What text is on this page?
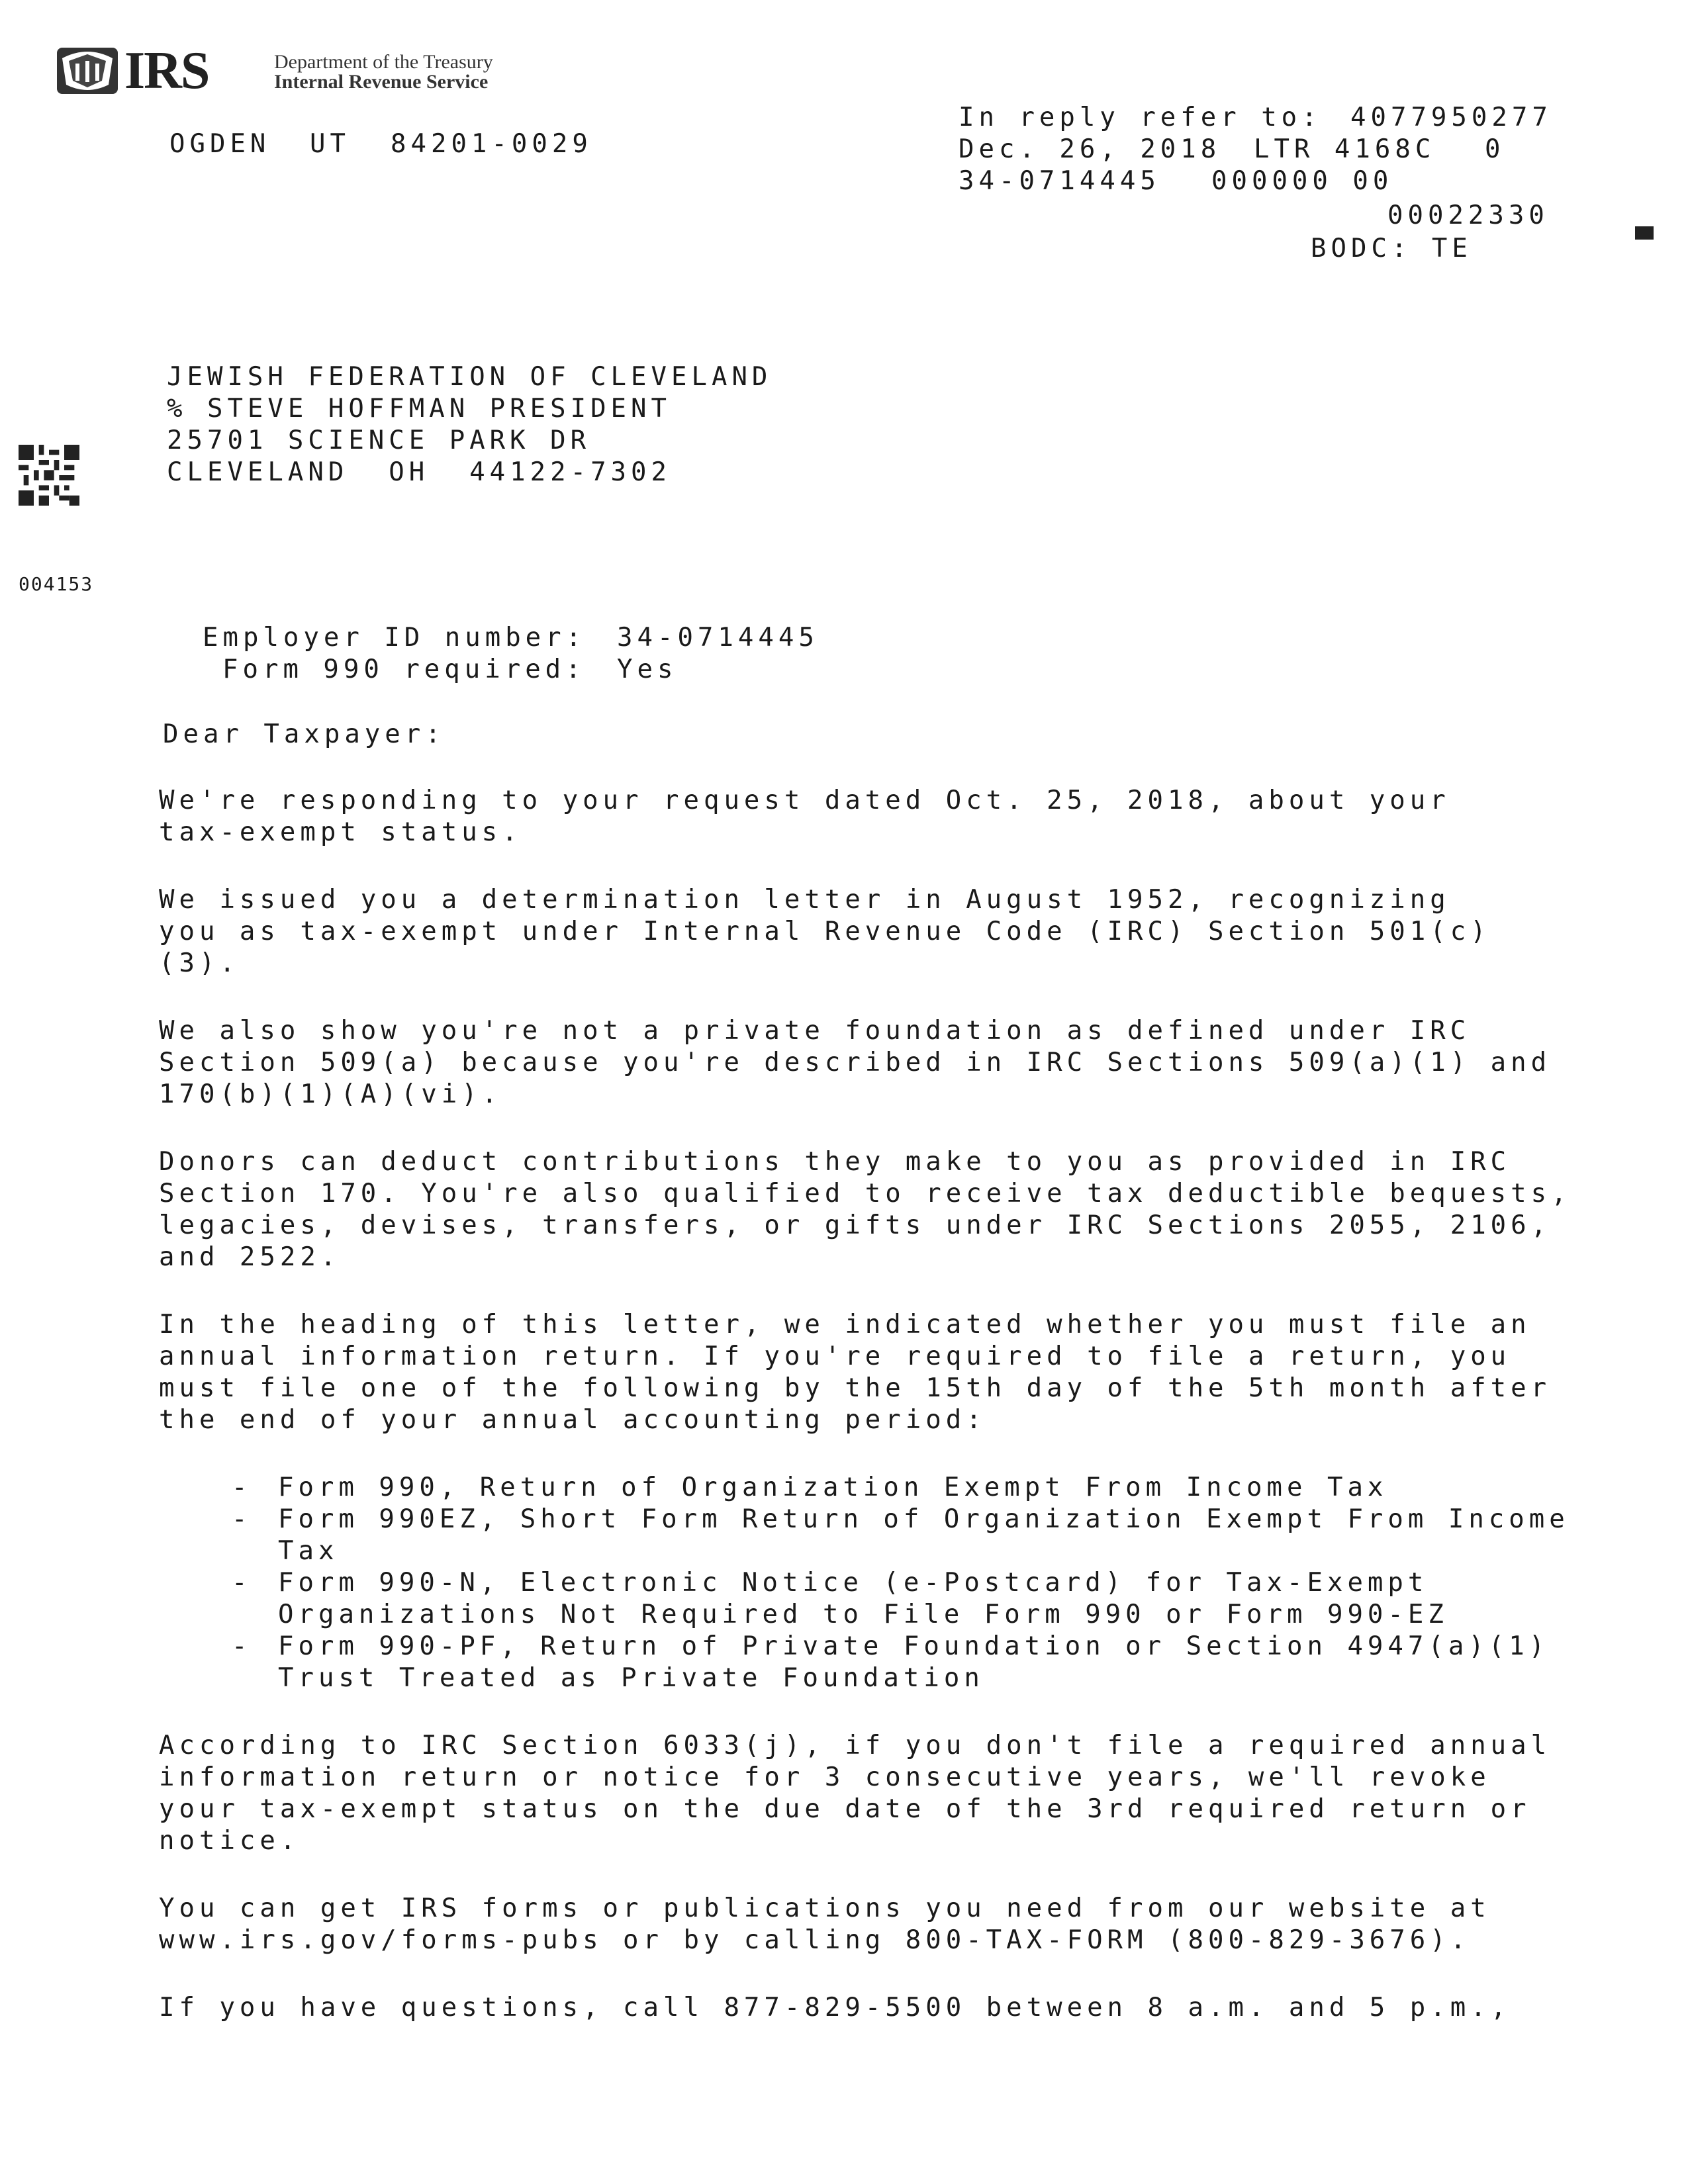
IRS

	Department of the Treasury

Internal Revenue Service

OGDEN UT 84201-0029
In reply refer to: 4077950277
Dec. 26, 2018 LTR 4168C 0
34-0714445 000000 00
00022330
BODC: TE
004153
JEWISH FEDERATION OF CLEVELAND
% STEVE HOFFMAN PRESIDENT
25701 SCIENCE PARK DR
CLEVELAND  OH  44122-7302
Employer ID number: 34-0714445
Form 990 required: Yes
Dear Taxpayer:
We're responding to your request dated Oct. 25, 2018, about your
tax-exempt status.
We issued you a determination letter in August 1952, recognizing
you as tax-exempt under Internal Revenue Code (IRC) Section 501(c)
(3).
We also show you're not a private foundation as defined under IRC
Section 509(a) because you're described in IRC Sections 509(a)(1) and
170(b)(1)(A)(vi).
Donors can deduct contributions they make to you as provided in IRC
Section 170. You're also qualified to receive tax deductible bequests,
legacies, devises, transfers, or gifts under IRC Sections 2055, 2106,
and 2522.
In the heading of this letter, we indicated whether you must file an
annual information return. If you're required to file a return, you
must file one of the following by the 15th day of the 5th month after
the end of your annual accounting period:

-

Form 990, Return of Organization Exempt From Income Tax

-

Form 990EZ, Short Form Return of Organization Exempt From Income

Tax

-

Form 990-N, Electronic Notice (e-Postcard) for Tax-Exempt

Organizations Not Required to File Form 990 or Form 990-EZ

-

Form 990-PF, Return of Private Foundation or Section 4947(a)(1)

Trust Treated as Private Foundation

According to IRC Section 6033(j), if you don't file a required annual
information return or notice for 3 consecutive years, we'll revoke
your tax-exempt status on the due date of the 3rd required return or
notice.
You can get IRS forms or publications you need from our website at
www.irs.gov/forms-pubs or by calling 800-TAX-FORM (800-829-3676).
If you have questions, call 877-829-5500 between 8 a.m. and 5 p.m.,
